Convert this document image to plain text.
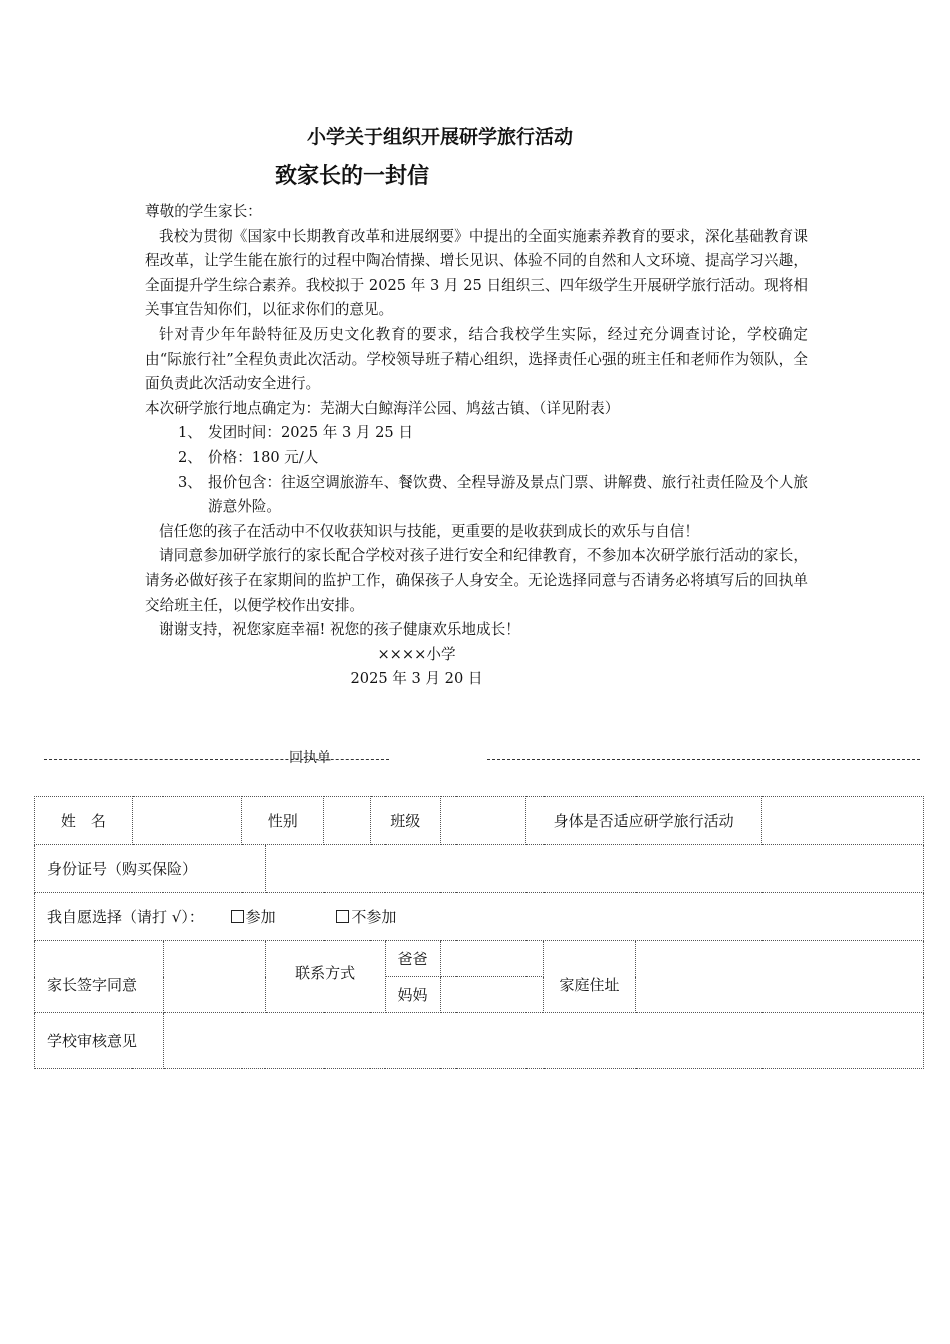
小学关于组织开展研学旅行活动
致家长的一封信

尊敬的学生家长：

我校为贯彻《国家中长期教育改革和进展纲要》中提出的全面实施素养教育的要求，深化基础教育课程改革，让学生能在旅行的过程中陶冶情操、增长见识、体验不同的自然和人文环境、提高学习兴趣，全面提升学生综合素养。我校拟于 2025 年 3 月 25 日组织三、四年级学生开展研学旅行活动。现将相关事宜告知你们，以征求你们的意见。

针对青少年年龄特征及历史文化教育的要求，结合我校学生实际，经过充分调查讨论，学校确定由“际旅行社”全程负责此次活动。学校领导班子精心组织，选择责任心强的班主任和老师作为领队，全面负责此次活动安全进行。

本次研学旅行地点确定为：芜湖大白鲸海洋公园、鸠兹古镇、（详见附表）

1、 发团时间：2025 年 3 月 25 日
2、 价格：180 元/人
3、 报价包含：往返空调旅游车、餐饮费、全程导游及景点门票、讲解费、旅行社责任险及个人旅游意外险。

信任您的孩子在活动中不仅收获知识与技能，更重要的是收获到成长的欢乐与自信！

请同意参加研学旅行的家长配合学校对孩子进行安全和纪律教育，不参加本次研学旅行活动的家长，请务必做好孩子在家期间的监护工作，确保孩子人身安全。无论选择同意与否请务必将填写后的回执单交给班主任，以便学校作出安排。

谢谢支持，祝您家庭幸福! 祝您的孩子健康欢乐地成长！

××××小学

2025 年 3 月 20 日

回执单
姓　名			性别			班级			身体是否适应研学旅行活动			
身份证号（购买保险）												
我自愿选择（请打 √）： 参加 不参加												
家长签字同意				联系方式			爸爸			家庭住址		
							妈妈					
学校审核意见												
